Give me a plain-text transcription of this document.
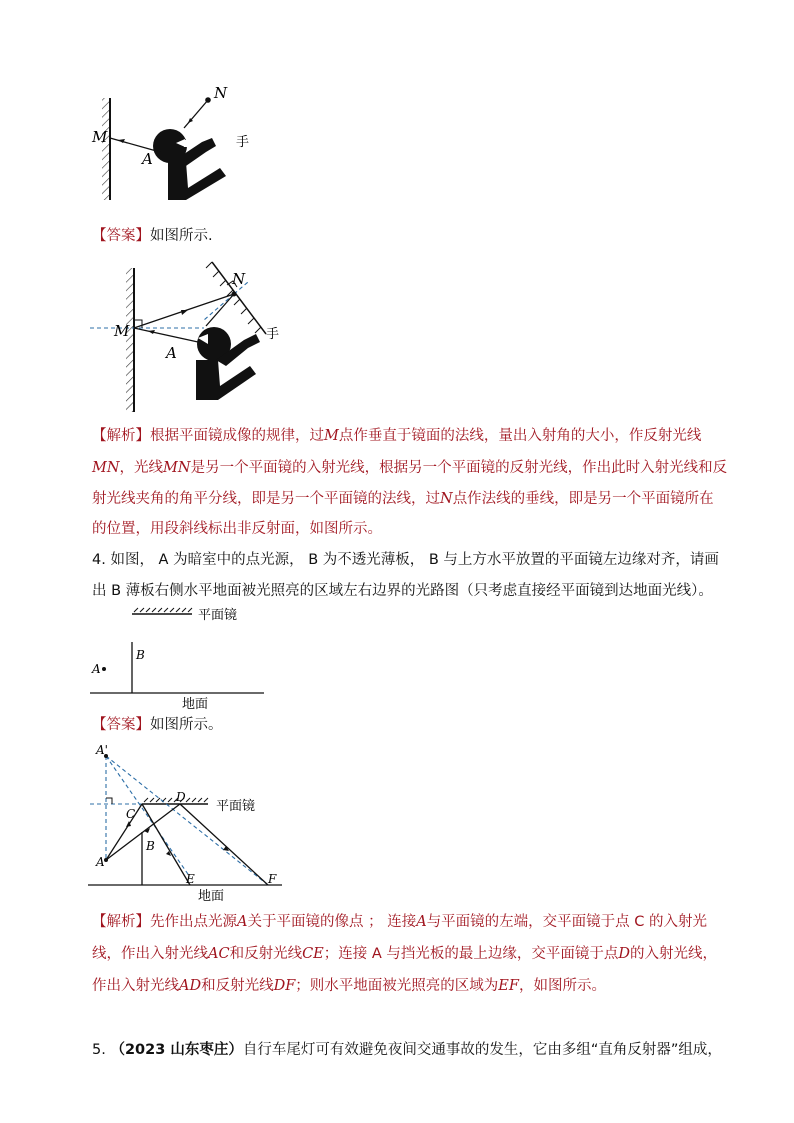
N
M
A
手
【答案】如图所示.
N
M
A
手
【解析】根据平面镜成像的规律，过M点作垂直于镜面的法线，量出入射角的大小，作反射光线
MN，光线MN是另一个平面镜的入射光线，根据另一个平面镜的反射光线，作出此时入射光线和反
射光线夹角的角平分线，即是另一个平面镜的法线，过N点作法线的垂线，即是另一个平面镜所在
的位置，用段斜线标出非反射面，如图所示。
4. 如图， A 为暗室中的点光源， B 为不透光薄板， B 与上方水平放置的平面镜左边缘对齐，请画
出 B 薄板右侧水平地面被光照亮的区域左右边界的光路图（只考虑直接经平面镜到达地面光线）。
平面镜
A
B
地面
【答案】如图所示。
A'
D
平面镜
C
B
A
E	F
地面
【解析】先作出点光源A关于平面镜的像点 ； 连接A与平面镜的左端，交平面镜于点 C 的入射光
线，作出入射光线AC和反射光线CE；连接 A 与挡光板的最上边缘，交平面镜于点D的入射光线，
作出入射光线AD和反射光线DF；则水平地面被光照亮的区域为EF，如图所示。
5. （2023 山东枣庄）自行车尾灯可有效避免夜间交通事故的发生，它由多组“直角反射器”组成，
